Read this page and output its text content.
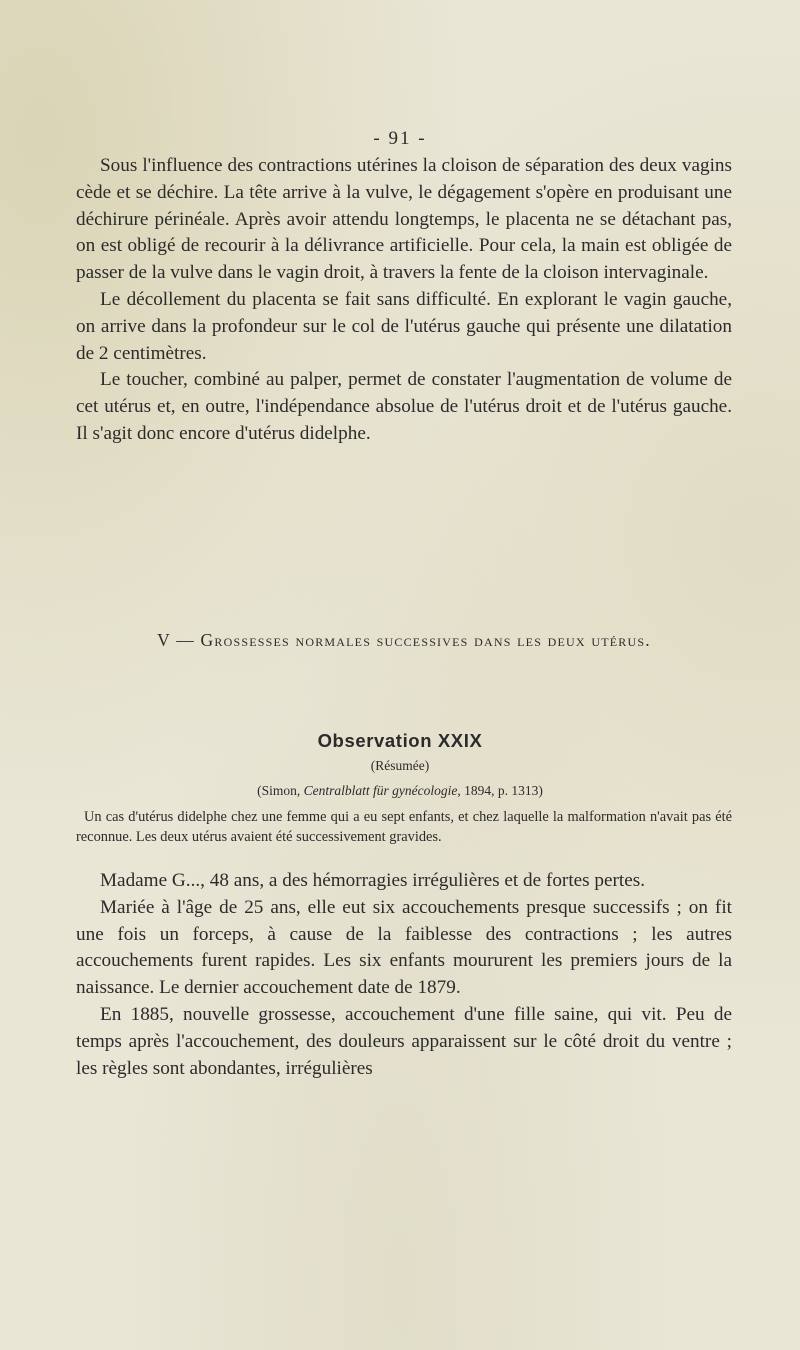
- 91 -

Sous l'influence des contractions utérines la cloison de séparation des deux vagins cède et se déchire. La tête arrive à la vulve, le dégagement s'opère en produisant une déchirure périnéale. Après avoir attendu longtemps, le placenta ne se détachant pas, on est obligé de recourir à la délivrance artificielle. Pour cela, la main est obligée de passer de la vulve dans le vagin droit, à travers la fente de la cloison intervaginale.

Le décollement du placenta se fait sans difficulté. En explorant le vagin gauche, on arrive dans la profondeur sur le col de l'utérus gauche qui présente une dilatation de 2 centimètres.

Le toucher, combiné au palper, permet de constater l'augmentation de volume de cet utérus et, en outre, l'indépendance absolue de l'utérus droit et de l'utérus gauche. Il s'agit donc encore d'utérus didelphe.

V — Grossesses normales successives dans les deux utérus.
Observation XXIX
(Résumée)
(Simon, Centralblatt für gynécologie, 1894, p. 1313)

Un cas d'utérus didelphe chez une femme qui a eu sept enfants, et chez laquelle la malformation n'avait pas été reconnue. Les deux utérus avaient été successivement gravides.

Madame G..., 48 ans, a des hémorragies irrégulières et de fortes pertes.

Mariée à l'âge de 25 ans, elle eut six accouchements presque successifs ; on fit une fois un forceps, à cause de la faiblesse des contractions ; les autres accouchements furent rapides. Les six enfants moururent les premiers jours de la naissance. Le dernier accouchement date de 1879.

En 1885, nouvelle grossesse, accouchement d'une fille saine, qui vit. Peu de temps après l'accouchement, des douleurs apparaissent sur le côté droit du ventre ; les règles sont abondantes, irrégulières
